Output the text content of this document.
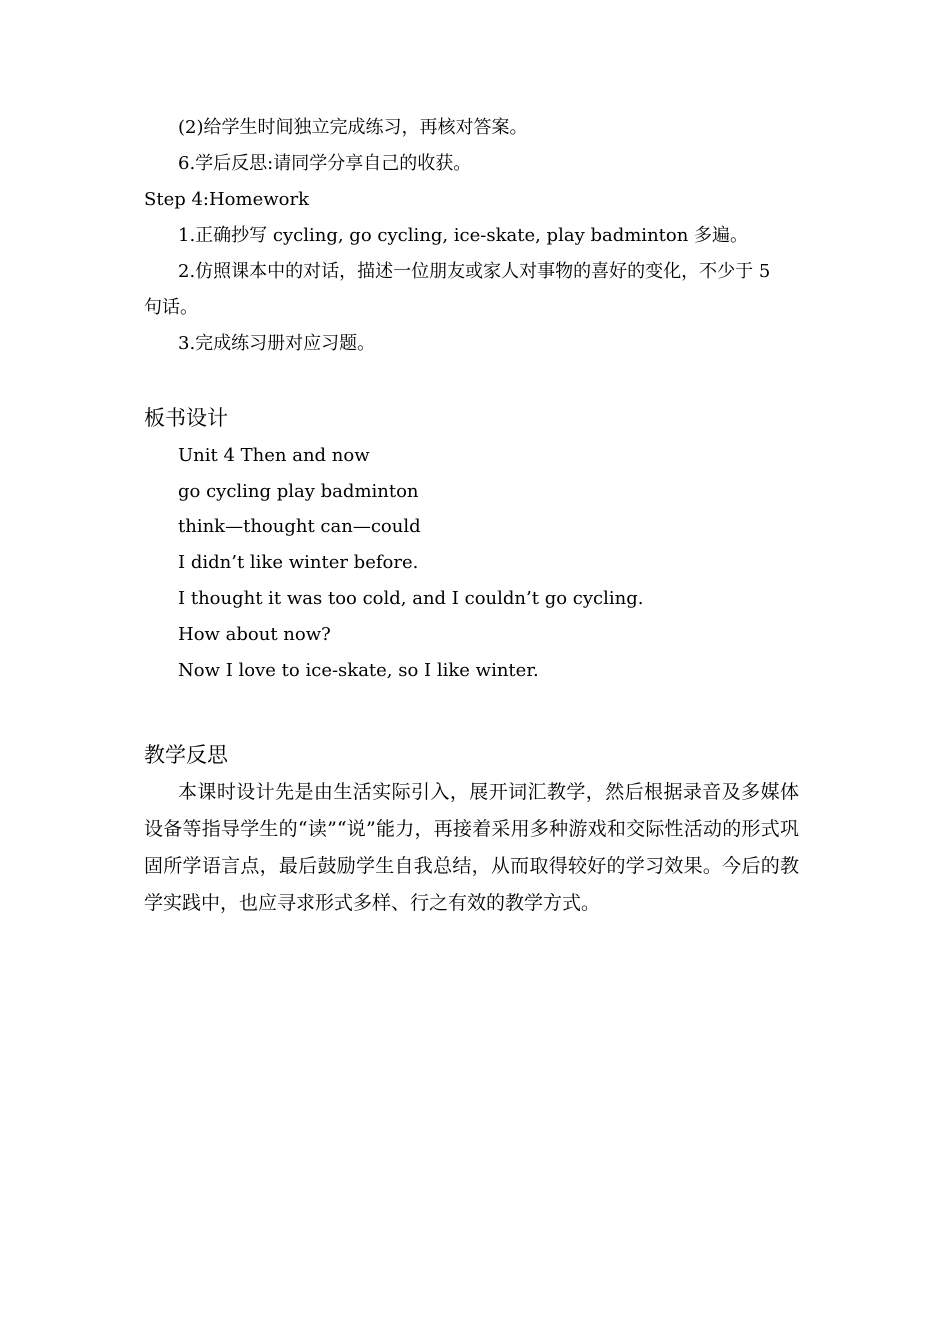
(2)给学生时间独立完成练习，再核对答案。
6.学后反思:请同学分享自己的收获。
Step 4:Homework
1.正确抄写 cycling, go cycling, ice-skate, play badminton 多遍。
2.仿照课本中的对话，描述一位朋友或家人对事物的喜好的变化，不少于 5
句话。
3.完成练习册对应习题。
板书设计
Unit 4 Then and now
go cycling play badminton
think—thought can—could
I didn’t like winter before.
I thought it was too cold, and I couldn’t go cycling.
How about now?
Now I love to ice-skate, so I like winter.
教学反思
本课时设计先是由生活实际引入，展开词汇教学，然后根据录音及多媒体设备等指导学生的“读”“说”能力，再接着采用多种游戏和交际性活动的形式巩固所学语言点，最后鼓励学生自我总结，从而取得较好的学习效果。今后的教学实践中，也应寻求形式多样、行之有效的教学方式。
